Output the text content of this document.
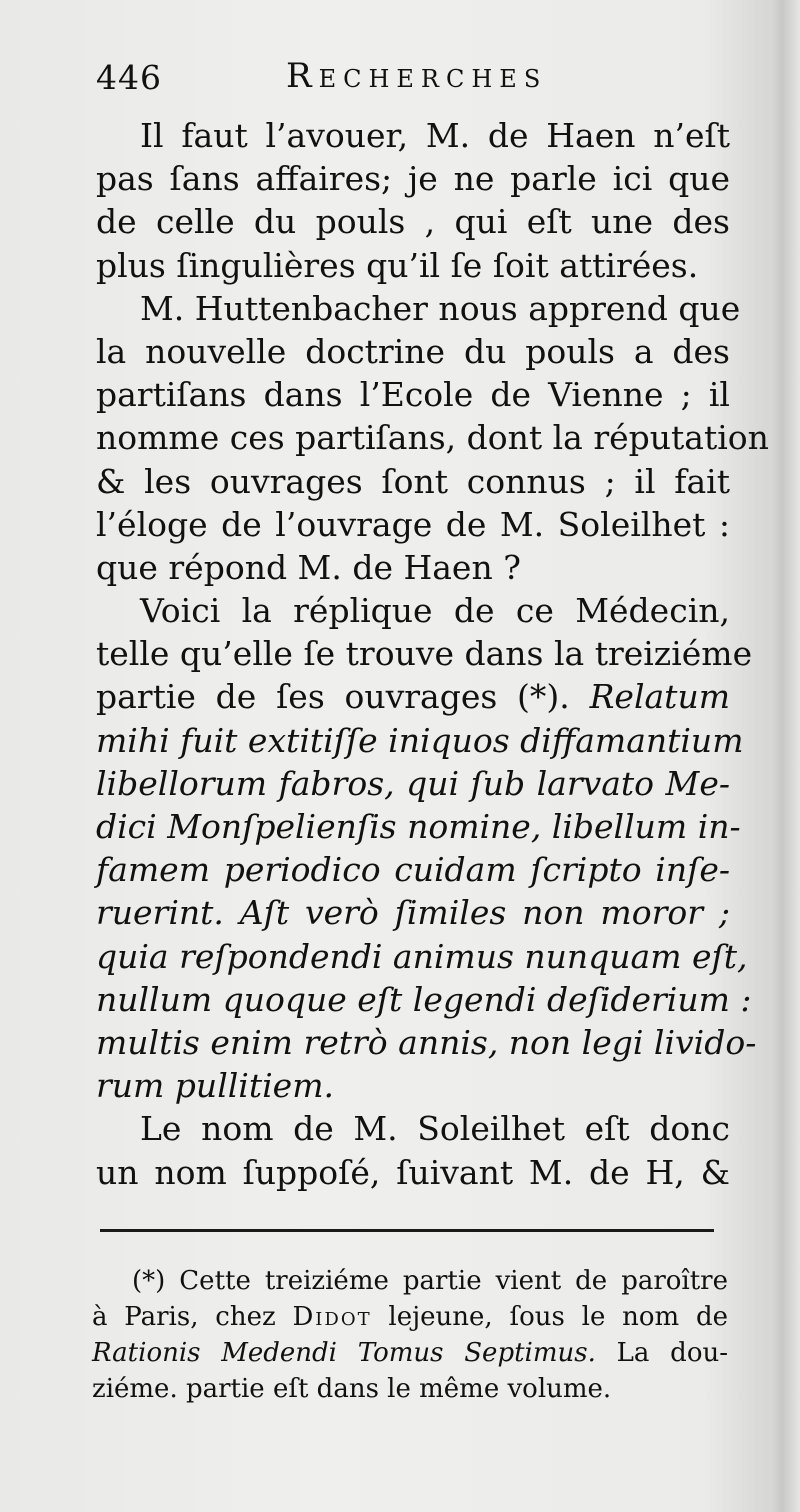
446	Recherches
Il faut l’avouer, M. de Haen n’eſt
pas ſans affaires; je ne parle ici que
de celle du pouls , qui eſt une des
plus ſingulières qu’il ſe ſoit attirées.
M. Huttenbacher nous apprend que
la nouvelle doctrine du pouls a des
partiſans dans l’Ecole de Vienne ; il
nomme ces partiſans, dont la réputation
& les ouvrages ſont connus ; il fait
l’éloge de l’ouvrage de M. Soleilhet :
que répond M. de Haen ?
Voici la réplique de ce Médecin,
telle qu’elle ſe trouve dans la treiziéme
partie de ſes ouvrages (*). Relatum
mihi fuit extitiſſe iniquos diffamantium
libellorum fabros, qui ſub larvato Me-
dici Monſpelienſis nomine, libellum in-
famem periodico cuidam ſcripto inſe-
ruerint. Aſt verò ſimiles non moror ;
quia reſpondendi animus nunquam eſt,
nullum quoque eſt legendi deſiderium :
multis enim retrò annis, non legi livido-
rum pullitiem.
Le nom de M. Soleilhet eſt donc
un nom ſuppoſé, ſuivant M. de H, &
(*) Cette treiziéme partie vient de paroître
à Paris, chez Didot lejeune, ſous le nom de
Rationis Medendi Tomus Septimus. La dou-
ziéme. partie eſt dans le même volume.
